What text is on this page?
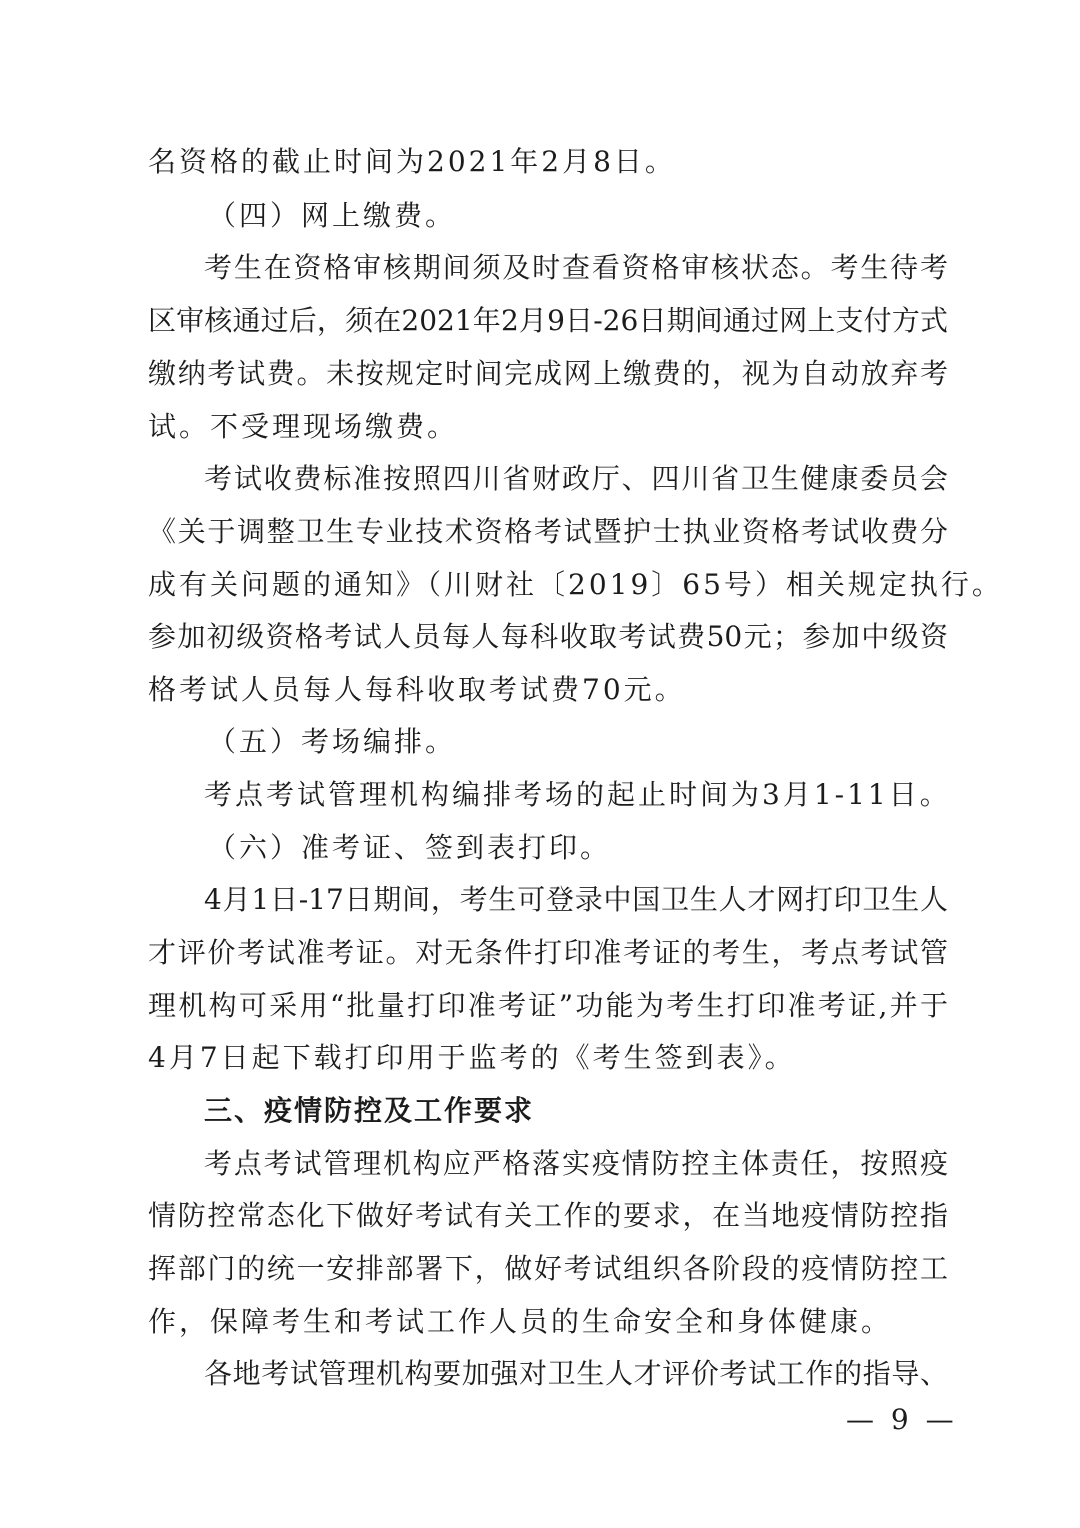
名资格的截止时间为2021年2月8日。
（四）网上缴费。
考生在资格审核期间须及时查看资格审核状态。考生待考
区审核通过后，须在2021年2月9日-26日期间通过网上支付方式
缴纳考试费。未按规定时间完成网上缴费的，视为自动放弃考
试。不受理现场缴费。
考试收费标准按照四川省财政厅、四川省卫生健康委员会
《关于调整卫生专业技术资格考试暨护士执业资格考试收费分
成有关问题的通知》（川财社〔2019〕65号）相关规定执行。
参加初级资格考试人员每人每科收取考试费50元；参加中级资
格考试人员每人每科收取考试费70元。
（五）考场编排。
考点考试管理机构编排考场的起止时间为3月1-11日。
（六）准考证、签到表打印。
4月1日-17日期间，考生可登录中国卫生人才网打印卫生人
才评价考试准考证。对无条件打印准考证的考生，考点考试管
理机构可采用“批量打印准考证”功能为考生打印准考证,并于
4月7日起下载打印用于监考的《考生签到表》。
三、疫情防控及工作要求
考点考试管理机构应严格落实疫情防控主体责任，按照疫
情防控常态化下做好考试有关工作的要求，在当地疫情防控指
挥部门的统一安排部署下，做好考试组织各阶段的疫情防控工
作，保障考生和考试工作人员的生命安全和身体健康。
各地考试管理机构要加强对卫生人才评价考试工作的指导、
— 9 —
